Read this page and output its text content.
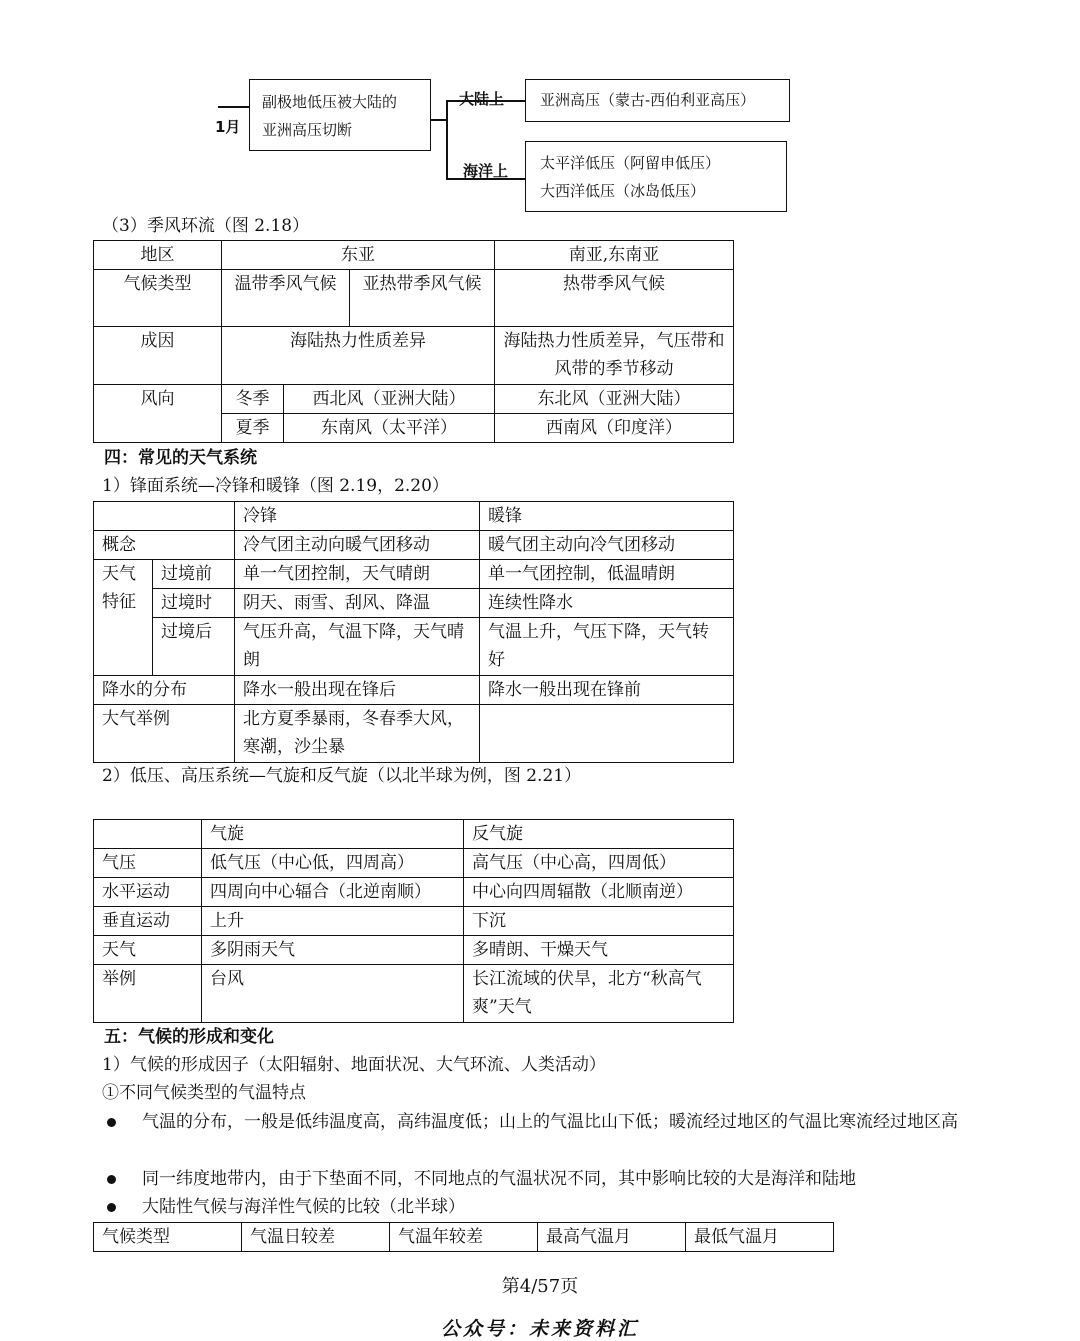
1月
副极地低压被大陆的
亚洲高压切断
大陆上
海洋上
亚洲高压（蒙古-西伯利亚高压）
太平洋低压（阿留申低压）
大西洋低压（冰岛低压）
（3）季风环流（图 2.18）
地区	东亚			南亚,东南亚
气候类型	温带季风气候		亚热带季风气候	热带季风气候
成因	海陆热力性质差异			海陆热力性质差异，气压带和风带的季节移动
风向	冬季	西北风（亚洲大陆）		东北风（亚洲大陆）
	夏季	东南风（太平洋）		西南风（印度洋）
四：常见的天气系统
1）锋面系统—冷锋和暖锋（图 2.19，2.20）
		冷锋	暖锋
概念		冷气团主动向暖气团移动	暖气团主动向冷气团移动

天气
特征	过境前	单一气团控制，天气晴朗	单一气团控制，低温晴朗
	过境时	阴天、雨雪、刮风、降温	连续性降水
	过境后	气压升高，气温下降，天气晴朗	气温上升，气压下降，天气转好
降水的分布		降水一般出现在锋后	降水一般出现在锋前
大气举例		北方夏季暴雨，冬春季大风，寒潮，沙尘暴	
2）低压、高压系统—气旋和反气旋（以北半球为例，图 2.21）
	气旋	反气旋
气压	低气压（中心低，四周高）	高气压（中心高，四周低）
水平运动	四周向中心辐合（北逆南顺）	中心向四周辐散（北顺南逆）
垂直运动	上升	下沉
天气	多阴雨天气	多晴朗、干燥天气
举例	台风	长江流域的伏旱，北方“秋高气爽”天气
五：气候的形成和变化
1）气候的形成因子（太阳辐射、地面状况、大气环流、人类活动）
①不同气候类型的气温特点
气温的分布，一般是低纬温度高，高纬温度低；山上的气温比山下低；暖流经过地区的气温比寒流经过地区高
同一纬度地带内，由于下垫面不同，不同地点的气温状况不同，其中影响比较的大是海洋和陆地
大陆性气候与海洋性气候的比较（北半球）
气候类型	气温日较差	气温年较差	最高气温月	最低气温月
第4/57页
公众号：未来资料汇
